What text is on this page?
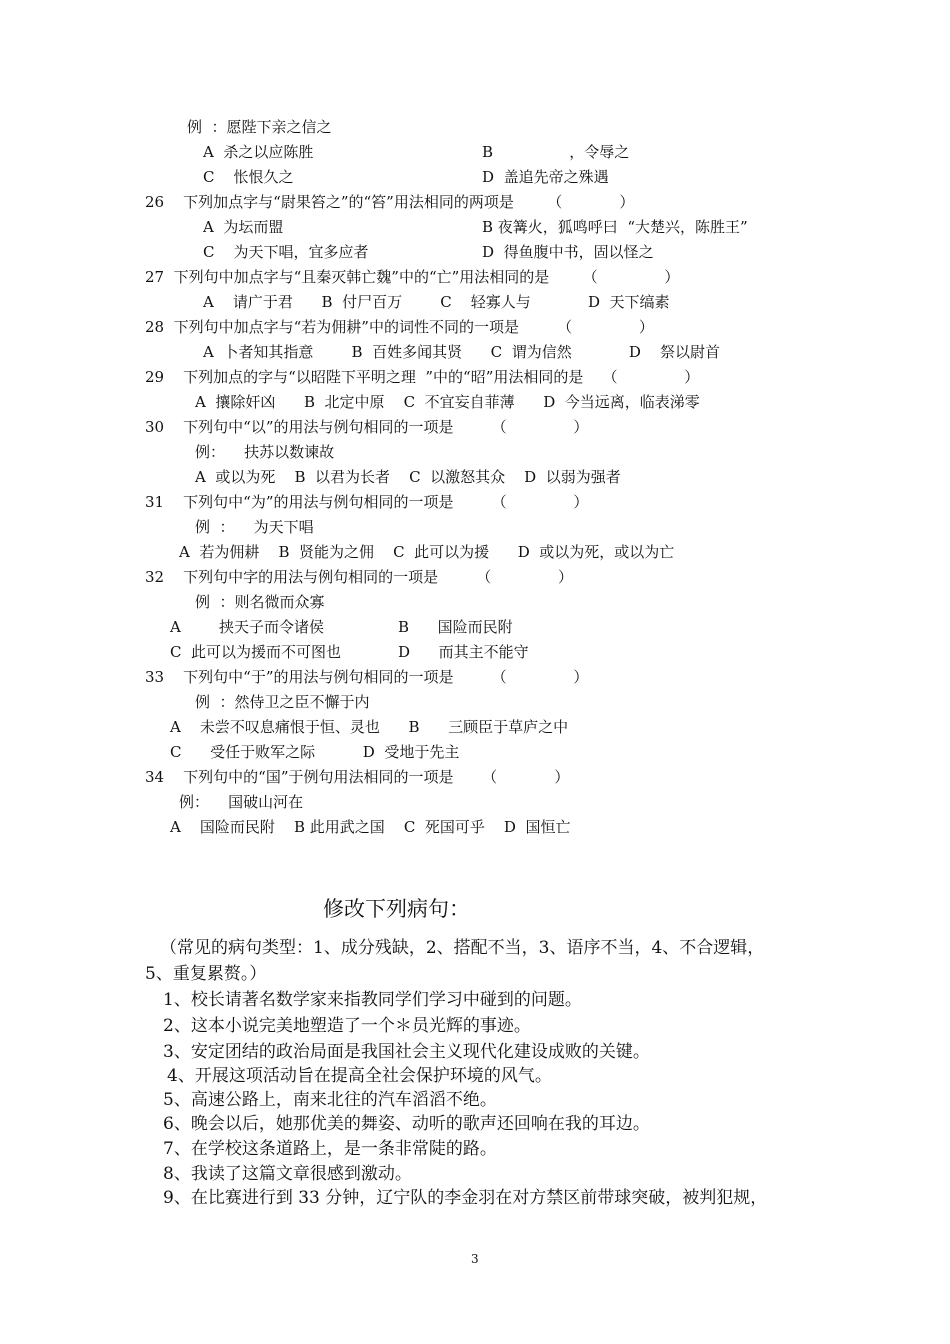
例  ：愿陛下亲之信之
A  杀之以应陈胜	B                ，令辱之
C    怅恨久之	D  盖追先帝之殊遇
26    下列加点字与“尉果笞之”的“笞”用法相同的两项是       （            ）
A  为坛而盟	B 夜篝火，狐鸣呼曰  “大楚兴，陈胜王”
C    为天下唱，宜多应者	D  得鱼腹中书，固以怪之
27  下列句中加点字与“且秦灭韩亡魏”中的“亡”用法相同的是       （              ）
A    请广于君      B  付尸百万        C    轻寡人与            D  天下缟素
28  下列句中加点字与“若为佣耕”中的词性不同的一项是        （              ）
A  卜者知其指意        B  百姓多闻其贤      C  谓为信然            D    祭以尉首
29    下列加点的字与“以昭陛下平明之理  ”中的“昭”用法相同的是    （              ）
A  攘除奸凶      B  北定中原    C  不宜妄自菲薄      D  今当远离，临表涕零
30    下列句中“以”的用法与例句相同的一项是        （              ）
例：    扶苏以数谏故
A  或以为死    B  以君为长者    C  以激怒其众    D  以弱为强者
31    下列句中“为”的用法与例句相同的一项是        （              ）
例  ：    为天下唱
A  若为佣耕    B  贤能为之佣    C  此可以为援      D  或以为死，或以为亡
32    下列句中字的用法与例句相同的一项是        （              ）
例  ：则名微而众寡
A        挟天子而令诸侯	B      国险而民附
C  此可以为援而不可图也	D      而其主不能守
33    下列句中“于”的用法与例句相同的一项是        （              ）
例  ：然侍卫之臣不懈于内
A    未尝不叹息痛恨于恒、灵也      B      三顾臣于草庐之中
C      受任于败军之际          D  受地于先主
34    下列句中的“国”于例句用法相同的一项是      （            ）
例：    国破山河在
A    国险而民附    B 此用武之国    C  死国可乎    D  国恒亡
修改下列病句：
（常见的病句类型：1、成分残缺，2、搭配不当，3、语序不当，4、不合逻辑，
5、重复累赘。）
1、校长请著名数学家来指教同学们学习中碰到的问题。
2、这本小说完美地塑造了一个＊员光辉的事迹。
3、安定团结的政治局面是我国社会主义现代化建设成败的关键。
4、开展这项活动旨在提高全社会保护环境的风气。
5、高速公路上，南来北往的汽车滔滔不绝。
6、晚会以后，她那优美的舞姿、动听的歌声还回响在我的耳边。
7、在学校这条道路上，是一条非常陡的路。
8、我读了这篇文章很感到激动。
9、在比赛进行到 33 分钟，辽宁队的李金羽在对方禁区前带球突破，被判犯规，
3
